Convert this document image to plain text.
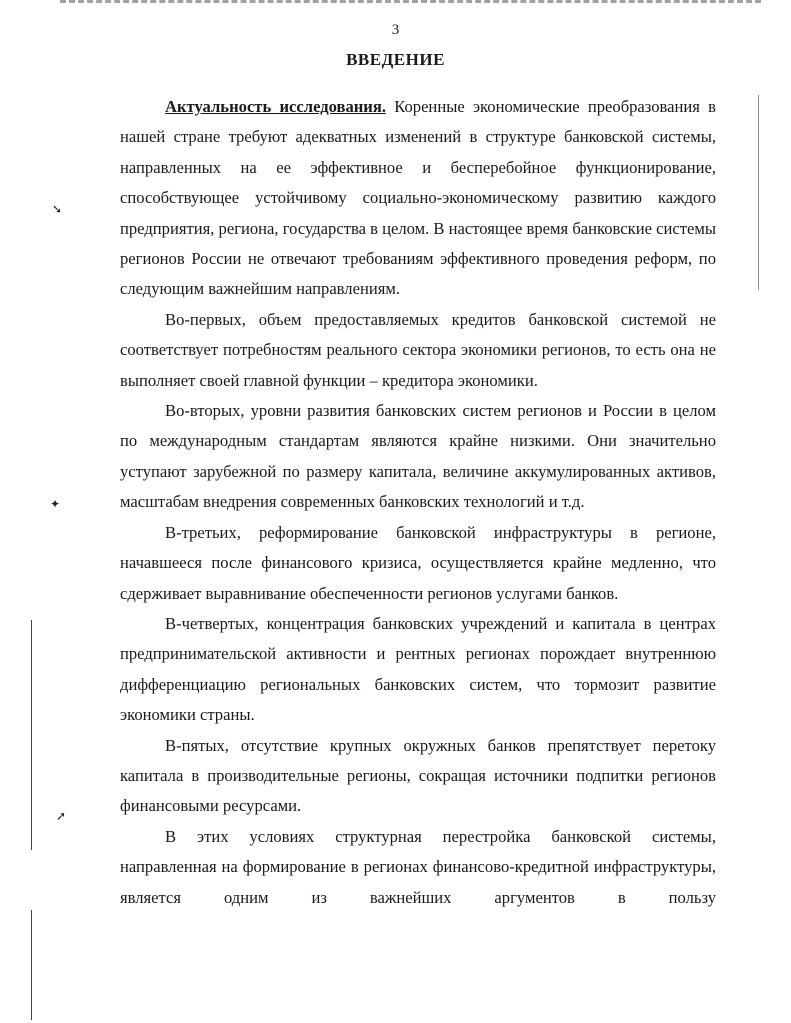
3
ВВЕДЕНИЕ

Актуальность исследования. Коренные экономические преобразования в нашей стране требуют адекватных изменений в структуре банковской системы, направленных на ее эффективное и бесперебойное функционирование, способствующее устойчивому социально-экономическому развитию каждого предприятия, региона, государства в целом. В настоящее время банковские системы регионов России не отвечают требованиям эффективного проведения реформ, по следующим важнейшим направлениям.

Во-первых, объем предоставляемых кредитов банковской системой не соответствует потребностям реального сектора экономики регионов, то есть она не выполняет своей главной функции – кредитора экономики.

Во-вторых, уровни развития банковских систем регионов и России в целом по международным стандартам являются крайне низкими. Они значительно уступают зарубежной по размеру капитала, величине аккумулированных активов, масштабам внедрения современных банковских технологий и т.д.

В-третьих, реформирование банковской инфраструктуры в регионе, начавшееся после финансового кризиса, осуществляется крайне медленно, что сдерживает выравнивание обеспеченности регионов услугами банков.

В-четвертых, концентрация банковских учреждений и капитала в центрах предпринимательской активности и рентных регионах порождает внутреннюю дифференциацию региональных банковских систем, что тормозит развитие экономики страны.

В-пятых, отсутствие крупных окружных банков препятствует перетоку капитала в производительные регионы, сокращая источники подпитки регионов финансовыми ресурсами.

В этих условиях структурная перестройка банковской системы, направленная на формирование в регионах финансово-кредитной инфраструктуры, является одним из важнейших аргументов в пользу

➘
✦
➚
